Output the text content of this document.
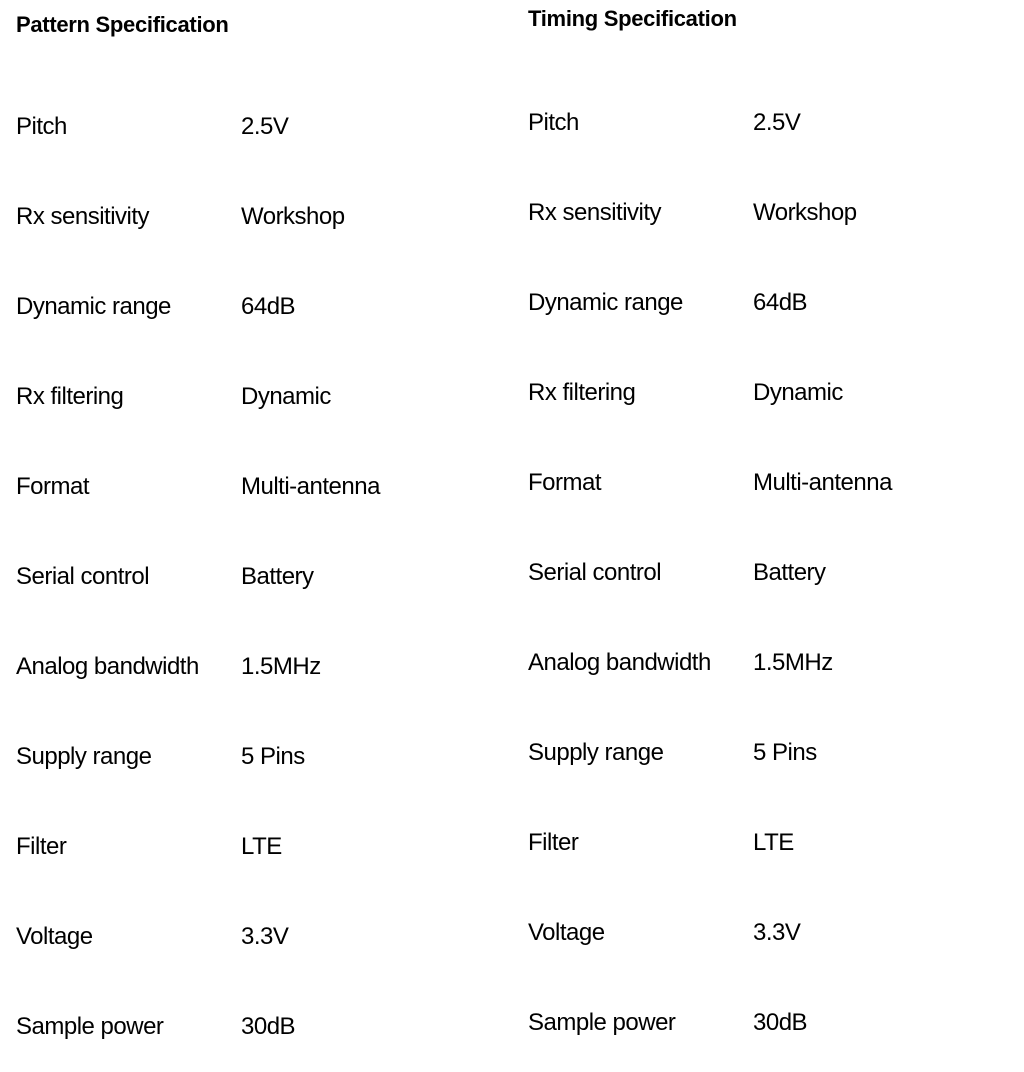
Pattern Specification
Pitch	2.5V
Rx sensitivity	Workshop
Dynamic range	64dB
Rx filtering	Dynamic
Format	Multi-antenna
Serial control	Battery
Analog bandwidth	1.5MHz
Supply range	5 Pins
Filter	LTE
Voltage	3.3V
Sample power	30dB
Timing Specification
Pitch	2.5V
Rx sensitivity	Workshop
Dynamic range	64dB
Rx filtering	Dynamic
Format	Multi-antenna
Serial control	Battery
Analog bandwidth	1.5MHz
Supply range	5 Pins
Filter	LTE
Voltage	3.3V
Sample power	30dB
